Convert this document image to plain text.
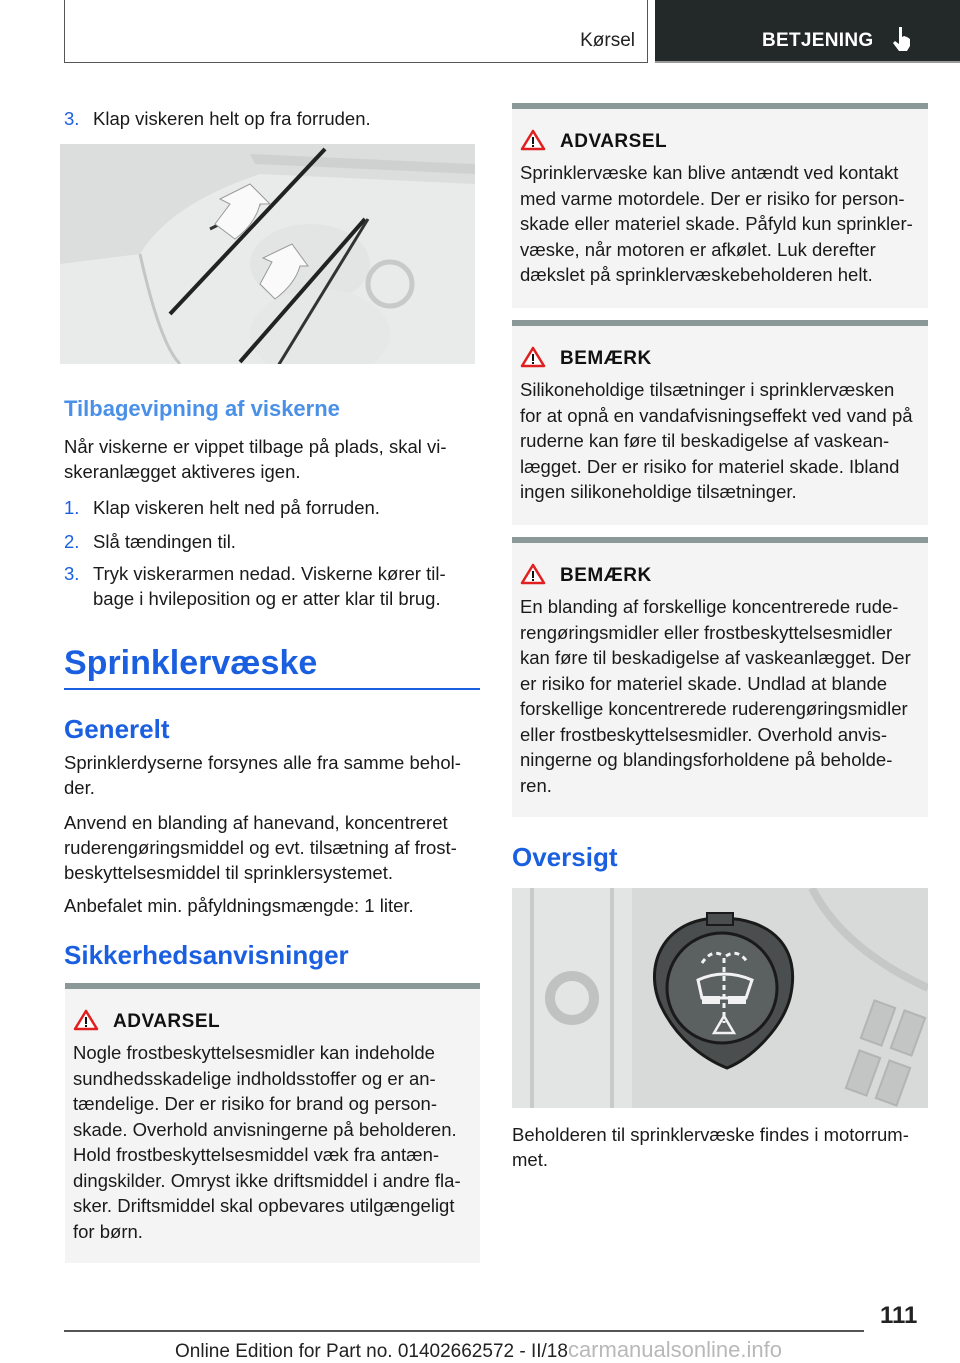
Kørsel	BETJENING
3. Klap viskeren helt op fra forruden.
Tilbagevipning af viskerne
Når viskerne er vippet tilbage på plads, skal vi-
skeranlægget aktiveres igen.
1. Klap viskeren helt ned på forruden.
2. Slå tændingen til.
3. Tryk viskerarmen nedad. Viskerne kører til-
bage i hvileposition og er atter klar til brug.
Sprinklervæske
Generelt
Sprinklerdyserne forsynes alle fra samme behol-
der.
Anvend en blanding af hanevand, koncentreret
ruderengøringsmiddel og evt. tilsætning af frost-
beskyttelsesmiddel til sprinklersystemet.
Anbefalet min. påfyldningsmængde: 1 liter.
Sikkerhedsanvisninger
ADVARSEL
Nogle frostbeskyttelsesmidler kan indeholde
sundhedsskadelige indholdsstoffer og er an-
tændelige. Der er risiko for brand og person-
skade. Overhold anvisningerne på beholderen.
Hold frostbeskyttelsesmiddel væk fra antæn-
dingskilder. Omryst ikke driftsmiddel i andre fla-
sker. Driftsmiddel skal opbevares utilgængeligt
for børn.
ADVARSEL
Sprinklervæske kan blive antændt ved kontakt
med varme motordele. Der er risiko for person-
skade eller materiel skade. Påfyld kun sprinkler-
væske, når motoren er afkølet. Luk derefter
dækslet på sprinklervæskebeholderen helt.
BEMÆRK
Silikoneholdige tilsætninger i sprinklervæsken
for at opnå en vandafvisningseffekt ved vand på
ruderne kan føre til beskadigelse af vaskean-
lægget. Der er risiko for materiel skade. Ibland
ingen silikoneholdige tilsætninger.
BEMÆRK
En blanding af forskellige koncentrerede rude-
rengøringsmidler eller frostbeskyttelsesmidler
kan føre til beskadigelse af vaskeanlægget. Der
er risiko for materiel skade. Undlad at blande
forskellige koncentrerede ruderengøringsmidler
eller frostbeskyttelsesmidler. Overhold anvis-
ningerne og blandingsforholdene på beholde-
ren.
Oversigt
Beholderen til sprinklervæske findes i motorrum-
met.
111
Online Edition for Part no. 01402662572 - II/18carmanualsonline.info
